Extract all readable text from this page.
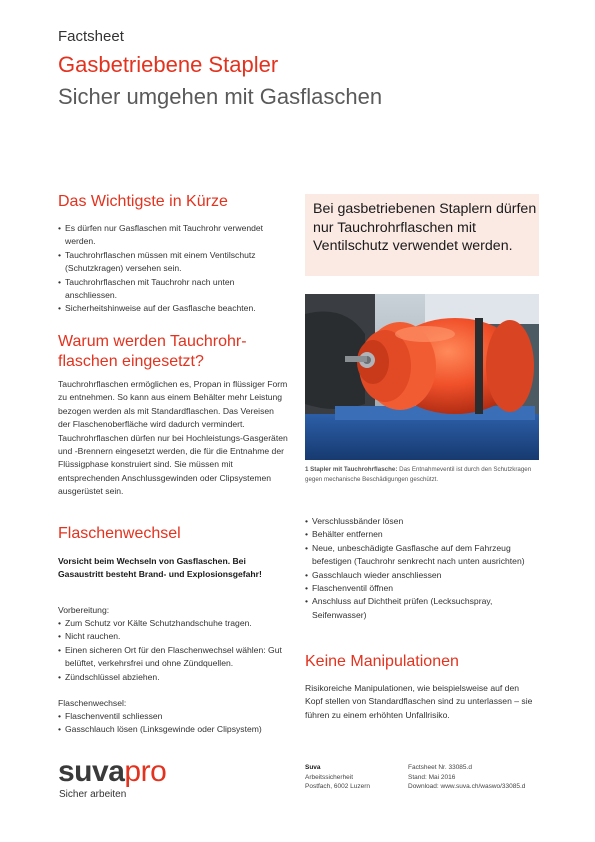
Factsheet
Gasbetriebene Stapler
Sicher umgehen mit Gasflaschen
Das Wichtigste in Kürze
• Es dürfen nur Gasflaschen mit Tauchrohr verwendet werden.
• Tauchrohrflaschen müssen mit einem Ventilschutz (Schutzkragen) versehen sein.
• Tauchrohrflaschen mit Tauchrohr nach unten anschliessen.
• Sicherheitshinweise auf der Gasflasche beachten.
Warum werden Tauchrohr-flaschen eingesetzt?
Tauchrohrflaschen ermöglichen es, Propan in flüssiger Form zu entnehmen. So kann aus einem Behälter mehr Leistung bezogen werden als mit Standardflaschen. Das Vereisen der Flaschenoberfläche wird dadurch vermindert. Tauchrohrflaschen dürfen nur bei Hochleistungs-Gasgeräten und -Brennern eingesetzt werden, die für die Entnahme der Flüssigphase konstruiert sind. Sie müssen mit entsprechenden Anschlussgewinden oder Clipsystemen ausgerüstet sein.
Flaschenwechsel
Vorsicht beim Wechseln von Gasflaschen. Bei Gasaustritt besteht Brand- und Explosionsgefahr!
Vorbereitung:
• Zum Schutz vor Kälte Schutzhandschuhe tragen.
• Nicht rauchen.
• Einen sicheren Ort für den Flaschenwechsel wählen: Gut belüftet, verkehrsfrei und ohne Zündquellen.
• Zündschlüssel abziehen.
Flaschenwechsel:
• Flaschenventil schliessen
• Gasschlauch lösen (Linksgewinde oder Clipsystem)
Bei gasbetriebenen Staplern dürfen nur Tauchrohrflaschen mit Ventilschutz verwendet werden.
1 Stapler mit Tauchrohrflasche: Das Entnahmeventil ist durch den Schutzkragen gegen mechanische Beschädigungen geschützt.
• Verschlussbänder lösen
• Behälter entfernen
• Neue, unbeschädigte Gasflasche auf dem Fahrzeug befestigen (Tauchrohr senkrecht nach unten ausrichten)
• Gasschlauch wieder anschliessen
• Flaschenventil öffnen
• Anschluss auf Dichtheit prüfen (Lecksuchspray, Seifenwasser)
Keine Manipulationen
Risikoreiche Manipulationen, wie beispielsweise auf den Kopf stellen von Standardflaschen sind zu unterlassen – sie führen zu einem erhöhten Unfallrisiko.
suvapro
Sicher arbeiten
Suva
Arbeitssicherheit
Postfach, 6002 Luzern
Factsheet Nr. 33085.d
Stand: Mai 2016
Download: www.suva.ch/waswo/33085.d
